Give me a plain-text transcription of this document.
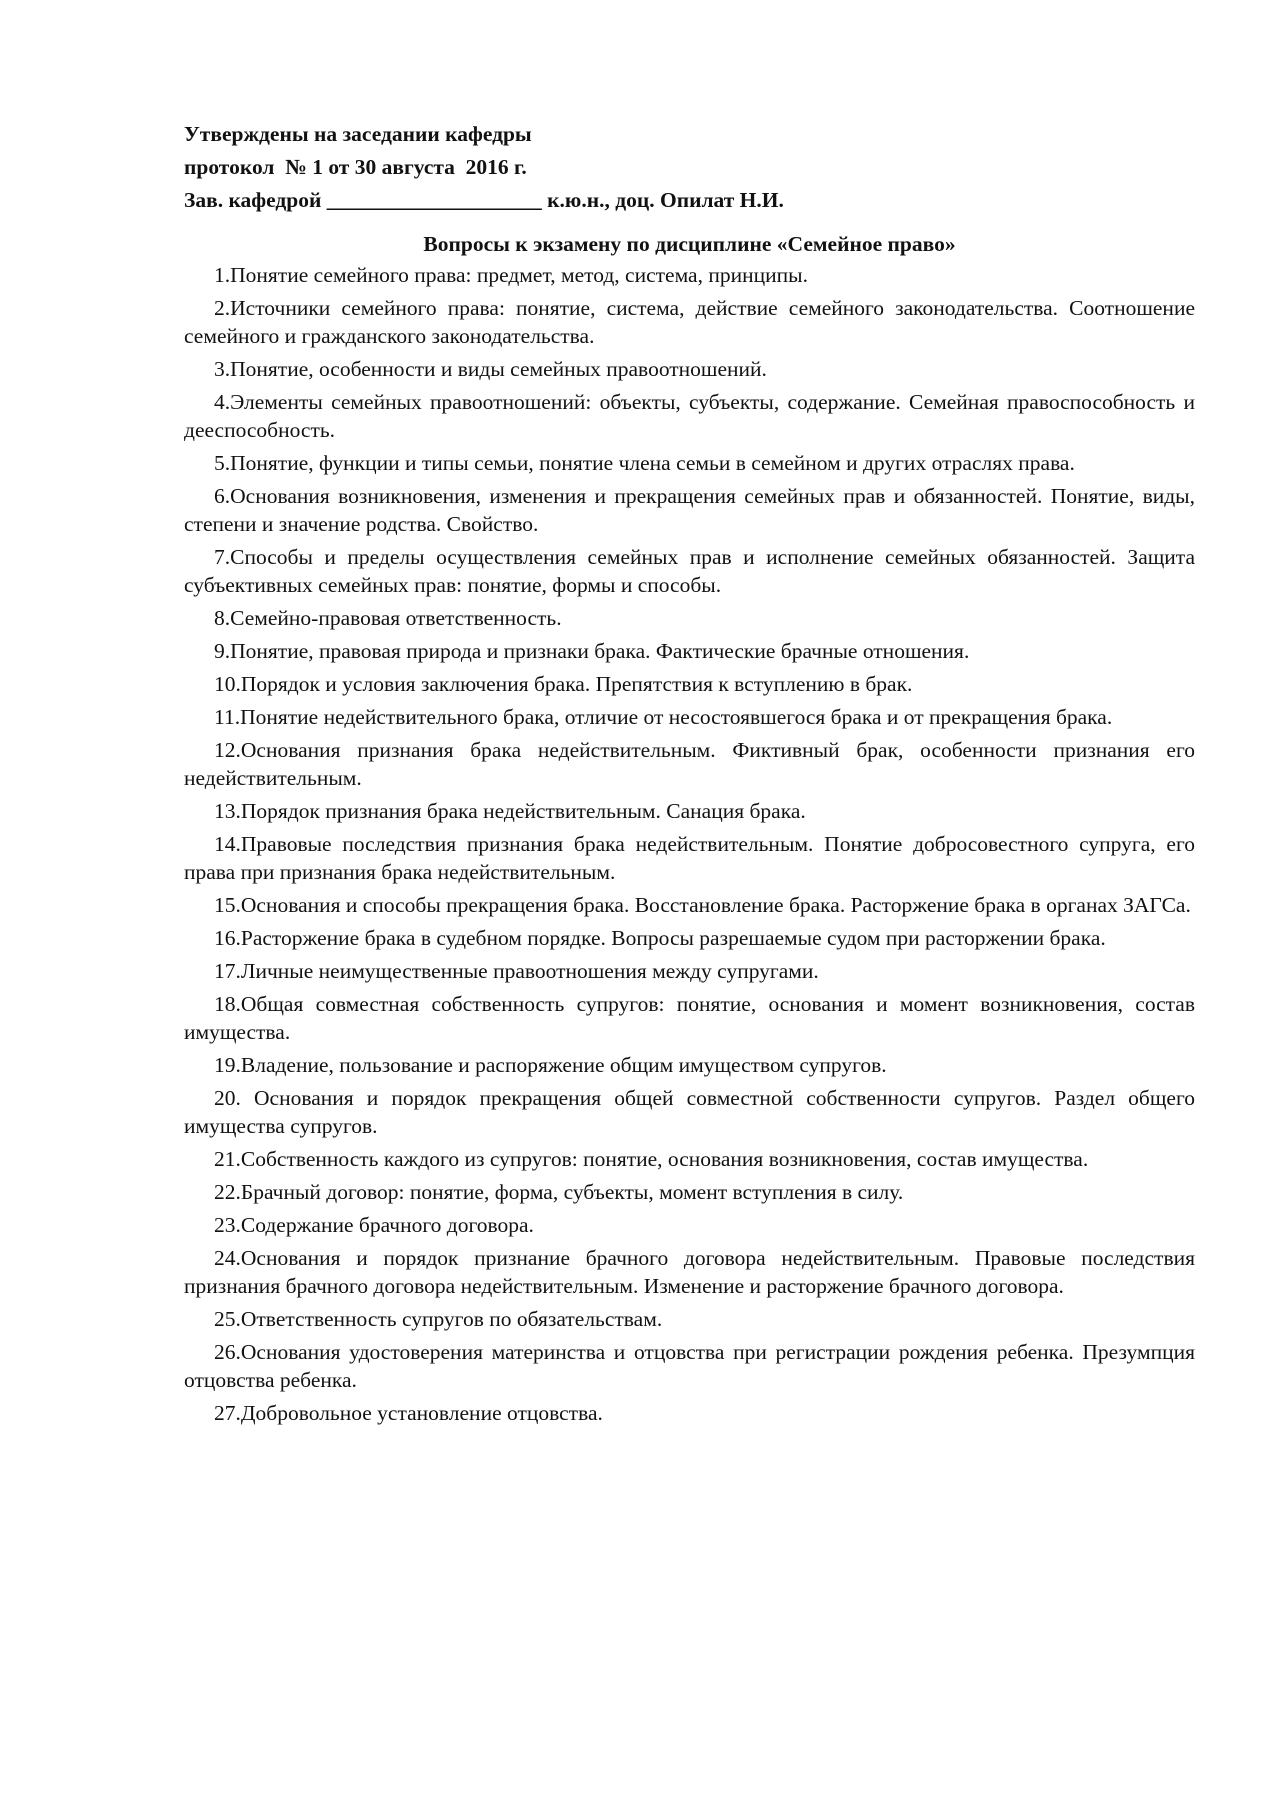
Утверждены на заседании кафедры
протокол  № 1 от 30 августа  2016 г.
Зав. кафедрой ____________________ к.ю.н., доц. Опилат Н.И.
Вопросы к экзамену по дисциплине «Семейное право»
1.Понятие семейного права: предмет, метод, система, принципы.
2.Источники семейного права: понятие, система, действие семейного законодательства. Соотношение семейного и гражданского законодательства.
3.Понятие, особенности и виды семейных правоотношений.
4.Элементы семейных правоотношений: объекты, субъекты, содержание. Семейная правоспособность и дееспособность.
5.Понятие, функции и типы семьи, понятие члена семьи в семейном и других отраслях права.
6.Основания возникновения, изменения и прекращения семейных прав и обязанностей. Понятие, виды, степени и значение родства. Свойство.
7.Способы и пределы осуществления семейных прав и исполнение семейных обязанностей. Защита субъективных семейных прав: понятие, формы и способы.
8.Семейно-правовая ответственность.
9.Понятие, правовая природа и признаки брака. Фактические брачные отношения.
10.Порядок и условия заключения брака. Препятствия к вступлению в брак.
11.Понятие недействительного брака, отличие от несостоявшегося брака и от прекращения брака.
12.Основания признания брака недействительным. Фиктивный брак, особенности признания его недействительным.
13.Порядок признания брака недействительным. Санация брака.
14.Правовые последствия признания брака недействительным. Понятие добросовестного супруга, его права при признания брака недействительным.
15.Основания и способы прекращения брака. Восстановление брака. Расторжение брака в органах ЗАГСа.
16.Расторжение брака в судебном порядке. Вопросы разрешаемые судом при расторжении брака.
17.Личные неимущественные правоотношения между супругами.
18.Общая совместная собственность супругов: понятие, основания и момент возникновения, состав имущества.
19.Владение, пользование и распоряжение общим имуществом супругов.
20. Основания и порядок прекращения общей совместной собственности супругов. Раздел общего имущества супругов.
21.Собственность каждого из супругов: понятие, основания возникновения, состав имущества.
22.Брачный договор: понятие, форма, субъекты, момент вступления в силу.
23.Содержание брачного договора.
24.Основания и порядок признание брачного договора недействительным. Правовые последствия признания брачного договора недействительным. Изменение и расторжение брачного договора.
25.Ответственность супругов по обязательствам.
26.Основания удостоверения материнства и отцовства при регистрации рождения ребенка. Презумпция отцовства ребенка.
27.Добровольное установление отцовства.
